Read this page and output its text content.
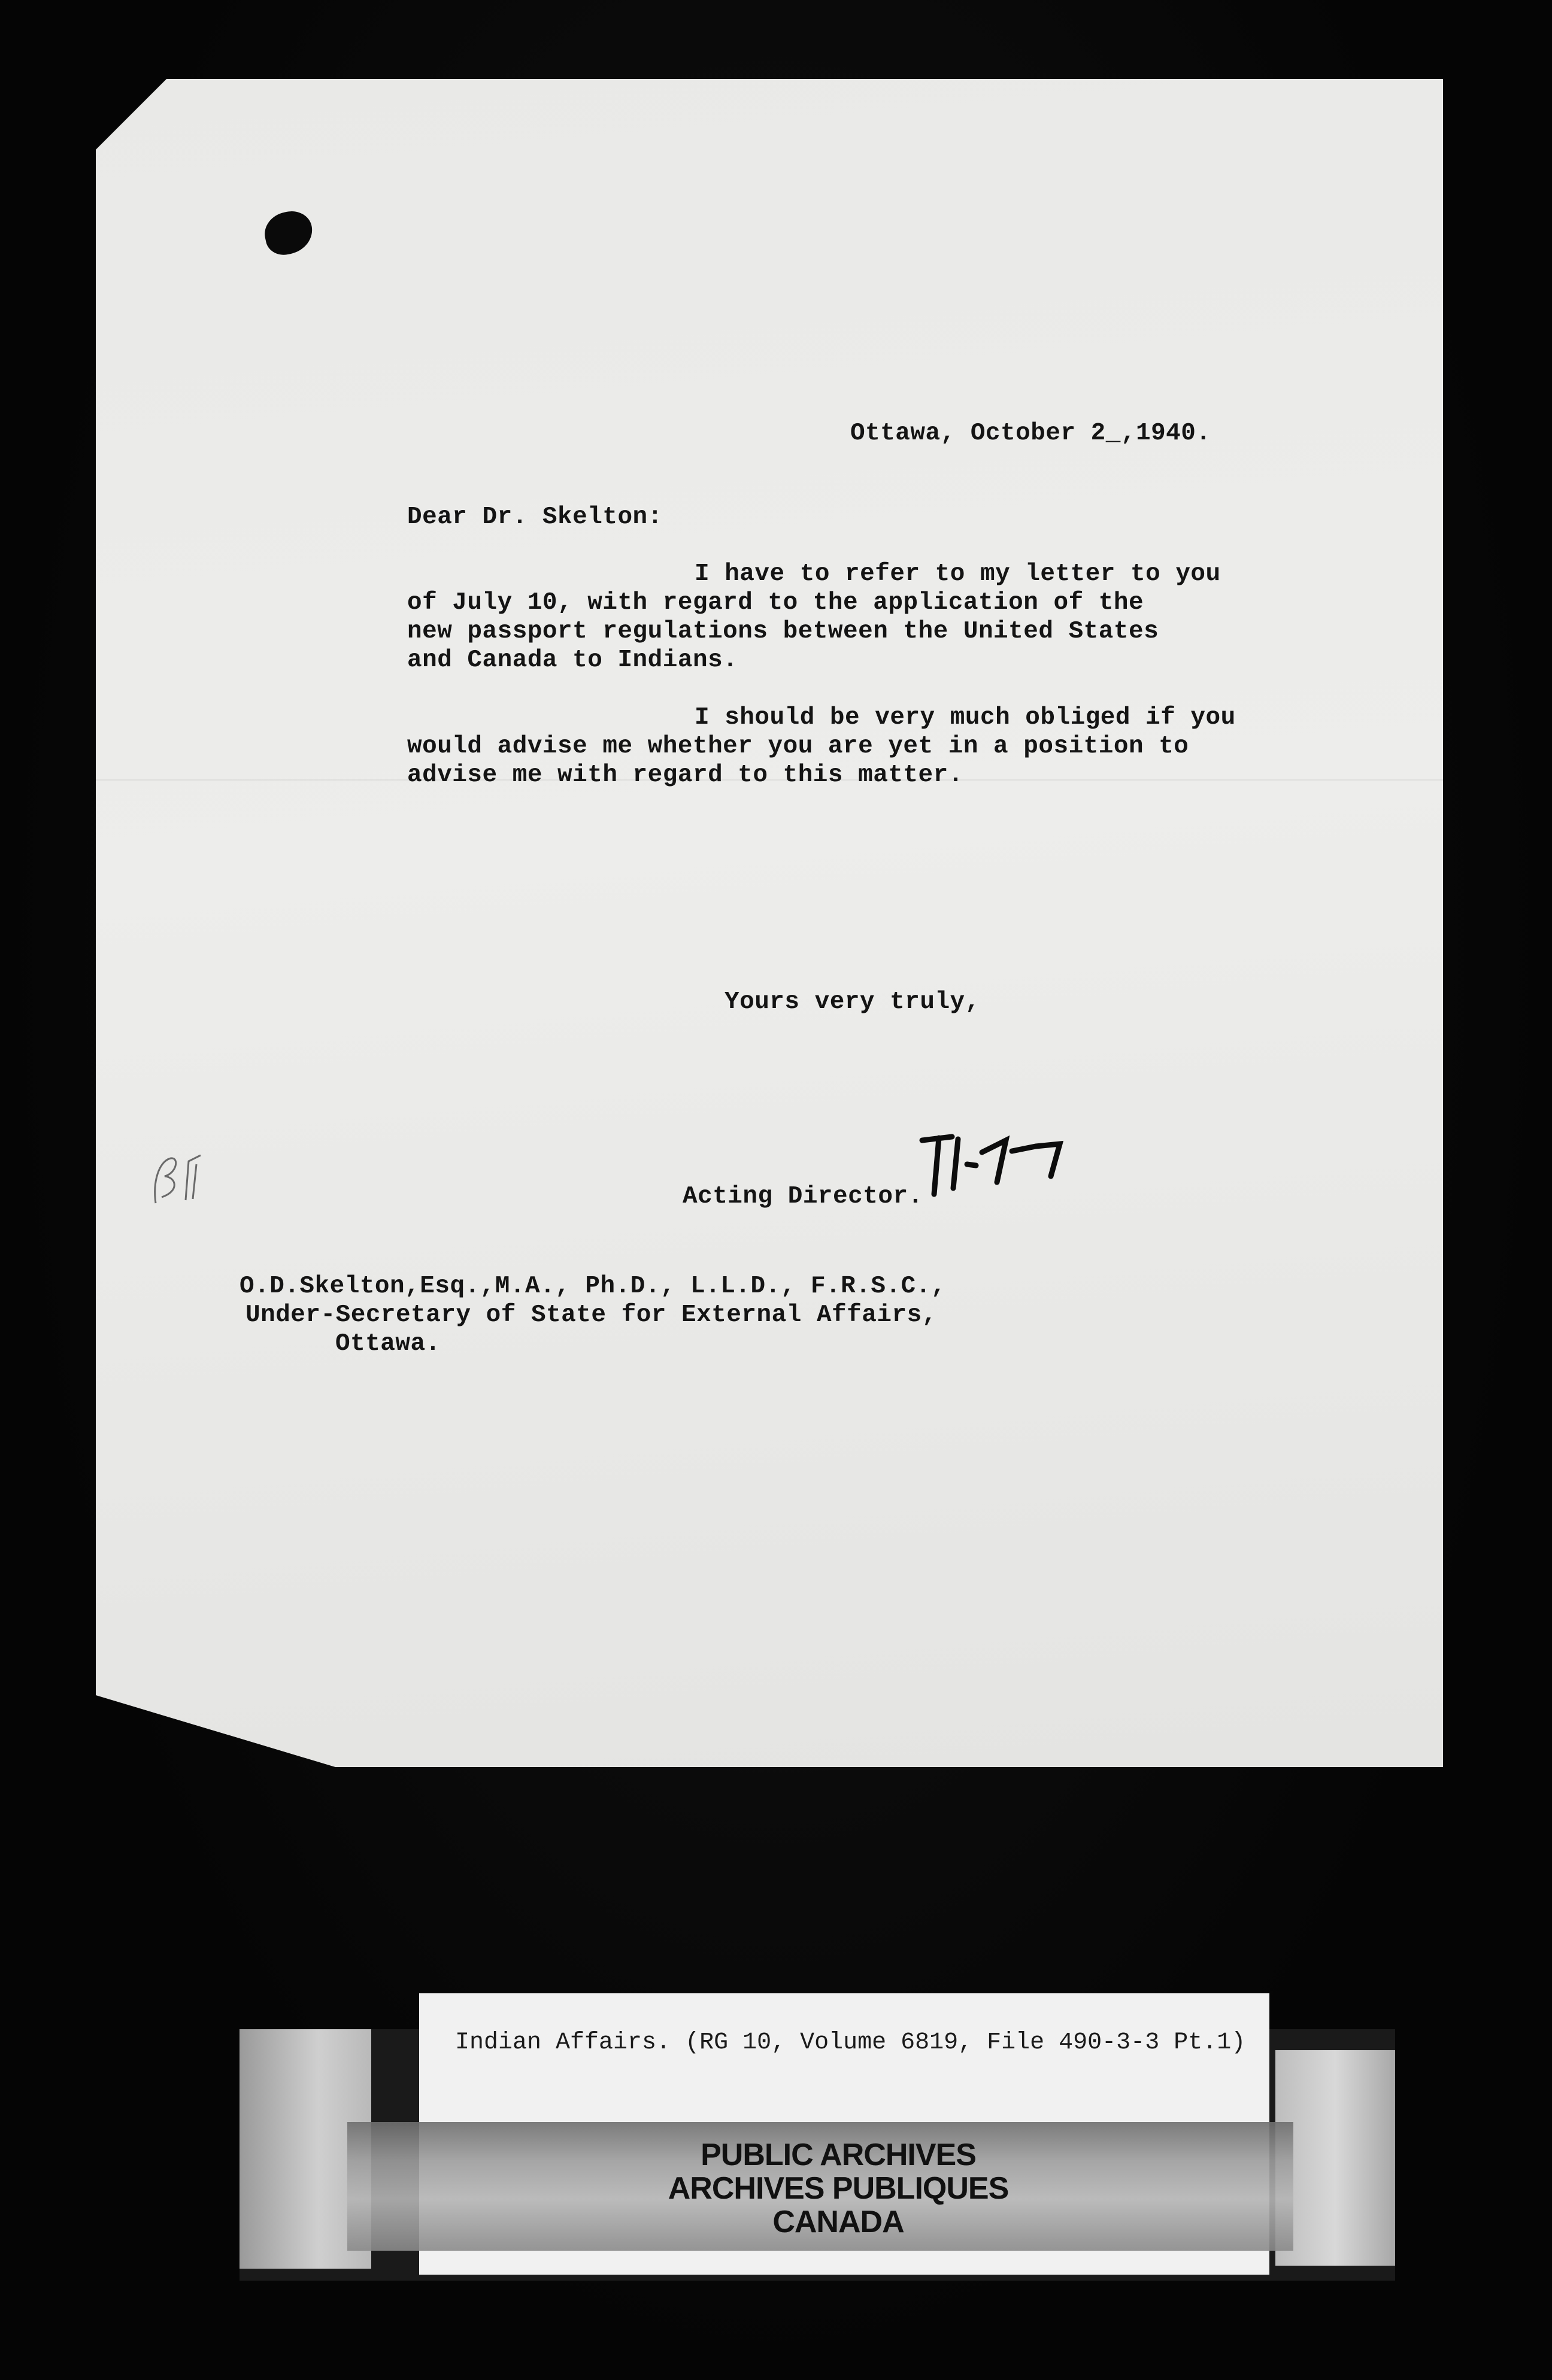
Ottawa, October 2_,1940.
Dear Dr. Skelton:
I have to refer to my letter to you
of July 10, with regard to the application of the
new passport regulations between the United States
and Canada to Indians.
I should be very much obliged if you
would advise me whether you are yet in a position to
advise me with regard to this matter.
Yours very truly,
Acting Director.
O.D.Skelton,Esq.,M.A., Ph.D., L.L.D., F.R.S.C.,
Under-Secretary of State for External Affairs,
Ottawa.
Indian Affairs. (RG 10, Volume 6819, File 490-3-3 Pt.1)
PUBLIC ARCHIVES
ARCHIVES PUBLIQUES
CANADA
